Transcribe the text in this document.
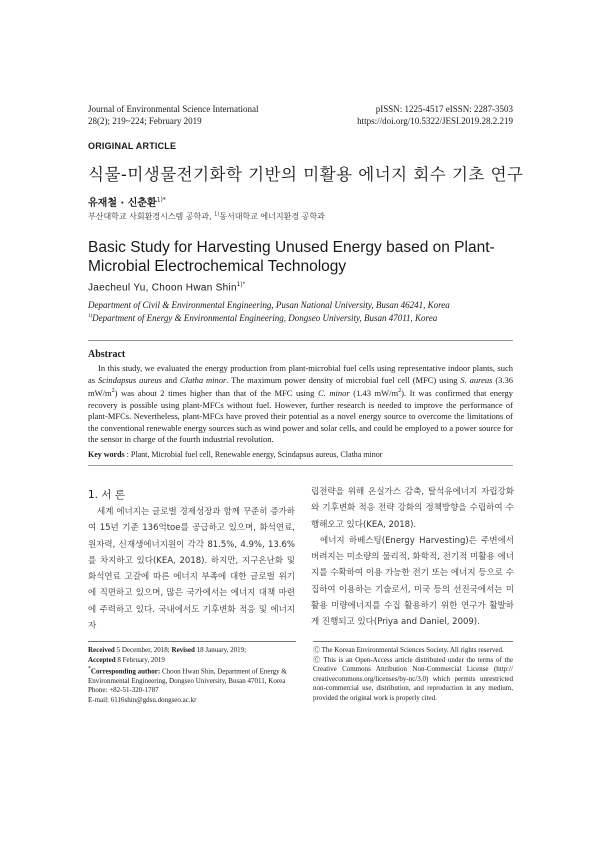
Journal of Environmental Science International
28(2); 219~224; February 2019
pISSN: 1225-4517 eISSN: 2287-3503
https://doi.org/10.5322/JESI.2019.28.2.219
ORIGINAL ARTICLE
식물-미생물전기화학 기반의 미활용 에너지 회수 기초 연구
유재철 · 신춘환$^{1)*}$
부산대학교 사회환경시스템 공학과, $^{1)}$동서대학교 에너지환경 공학과
Basic Study for Harvesting Unused Energy based on Plant-Microbial Electrochemical Technology
Jaecheul Yu, Choon Hwan Shin$^{1)*}$
Department of Civil & Environmental Engineering, Pusan National University, Busan 46241, Korea
$^{1)}$Department of Energy & Environmental Engineering, Dongseo University, Busan 47011, Korea
Abstract
In this study, we evaluated the energy production from plant-microbial fuel cells using representative indoor plants, such as Scindapsus aureus and Clatha minor. The maximum power density of microbial fuel cell (MFC) using S. aureus (3.36 $mW/m^2$) was about 2 times higher than that of the MFC using C. minor (1.43 $mW/m^2$). It was confirmed that energy recovery is possible using plant-MFCs without fuel. However, further research is needed to improve the performance of plant-MFCs. Nevertheless, plant-MFCs have proved their potential as a novel energy source to overcome the limitations of the conventional renewable energy sources such as wind power and solar cells, and could be employed to a power source for the sensor in charge of the fourth industrial revolution.
Key words : Plant, Microbial fuel cell, Renewable energy, Scindapsus aureus, Clatha minor
1. 서 론
세계 에너지는 글로벌 경제성장과 함께 꾸준히 증가하여 15년 기준 136억toe를 공급하고 있으며, 화석연료, 원자력, 신재생에너지원이 각각 81.5%, 4.9%, 13.6%를 차지하고 있다(KEA, 2018). 하지만, 지구온난화 및 화석연료 고갈에 따른 에너지 부족에 대한 글로벌 위기에 직면하고 있으며, 많은 국가에서는 에너지 대책 마련에 주력하고 있다. 국내에서도 기후변화 적응 및 에너지 자
립전략을 위해 온실가스 감축, 탈석유에너지 자립강화와 기후변화 적응 전략 강화의 정책방향을 수립하여 수행해오고 있다(KEA, 2018).
에너지 하베스팅(Energy Harvesting)은 주변에서 버려지는 미소량의 물리적, 화학적, 전기적 미활용 에너지를 수확하여 이용 가능한 전기 또는 에너지 등으로 수집하여 이용하는 기술로서, 미국 등의 선진국에서는 미활용 미량에너지를 수집 활용하기 위한 연구가 활발하게 진행되고 있다(Priya and Daniel, 2009).
Received 5 December, 2018; Revised 18 January, 2019;
Accepted 8 February, 2019
*Corresponding author: Choon Hwan Shin, Department of Energy & Environmental Engineering, Dongseo University, Busan 47011, Korea
Phone: +82-51-320-1787
E-mail: 6116shin@gdsu.dongseo.ac.kr
Ⓒ The Korean Environmental Sciences Society. All rights reserved.
Ⓒ This is an Open-Access article distributed under the terms of the Creative Commons Attribution Non-Commercial License (http:// creativecommons.org/licenses/by-nc/3.0) which permits unrestricted non-commercial use, distribution, and reproduction in any medium, provided the original work is properly cited.
